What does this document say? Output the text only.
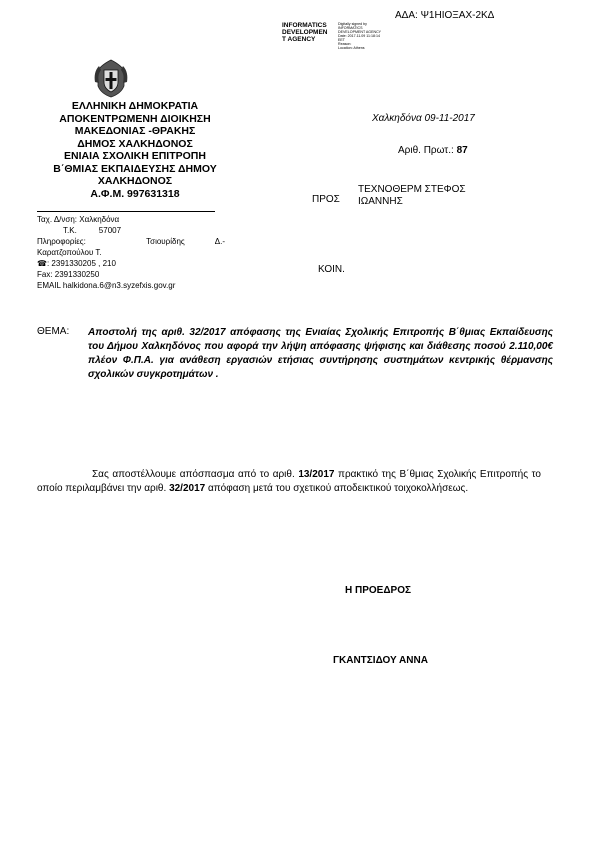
ΑΔΑ: Ψ1ΗΙΟΞΑΧ-2ΚΔ
INFORMATICS
DEVELOPMEN
T AGENCY
Digitally signed by
INFORMATICS
DEVELOPMENT AGENCY
Date: 2017.11.09 11:18:14
EET
Reason:
Location: Athens
ΕΛΛΗΝΙΚΗ ΔΗΜΟΚΡΑΤΙΑ
ΑΠΟΚΕΝΤΡΩΜΕΝΗ ΔΙΟΙΚΗΣΗ
ΜΑΚΕΔΟΝΙΑΣ -ΘΡΑΚΗΣ
ΔΗΜΟΣ ΧΑΛΚΗΔΟΝΟΣ
ΕΝΙΑΙΑ ΣΧΟΛΙΚΗ ΕΠΙΤΡΟΠΗ
Β΄ΘΜΙΑΣ ΕΚΠΑΙΔΕΥΣΗΣ ΔΗΜΟΥ
ΧΑΛΚΗΔΟΝΟΣ
Α.Φ.Μ. 997631318
Ταχ. Δ/νση: Χαλκηδόνα
Τ.Κ.	57007
Πληροφορίες:	Τσιουρίδης	Δ.-
Καρατζοπούλου Τ.
☎: 2391330205 , 210
Fax: 2391330250
EMAIL halkidona.6@n3.syzefxis.gov.gr
Χαλκηδόνα 09-11-2017
Αριθ. Πρωτ.: 87
ΠΡΟΣ
ΤΕΧΝΟΘΕΡΜ ΣΤΕΦΟΣ ΙΩΑΝΝΗΣ
ΚΟΙΝ.
ΘΕΜΑ: Αποστολή της αριθ. 32/2017 απόφασης της Ενιαίας Σχολικής Επιτροπής Β΄θμιας Εκπαίδευσης του Δήμου Χαλκηδόνος που αφορά την λήψη απόφασης ψήφισης και διάθεσης ποσού 2.110,00€ πλέον Φ.Π.Α. για ανάθεση εργασιών ετήσιας συντήρησης συστημάτων κεντρικής θέρμανσης σχολικών συγκροτημάτων .
Σας αποστέλλουμε απόσπασμα από το αριθ. 13/2017 πρακτικό της Β΄θμιας Σχολικής Επιτροπής το οποίο περιλαμβάνει την αριθ. 32/2017 απόφαση μετά του σχετικού αποδεικτικού τοιχοκολλήσεως.
Η ΠΡΟΕΔΡΟΣ
ΓΚΑΝΤΣΙΔΟΥ ΑΝΝΑ
